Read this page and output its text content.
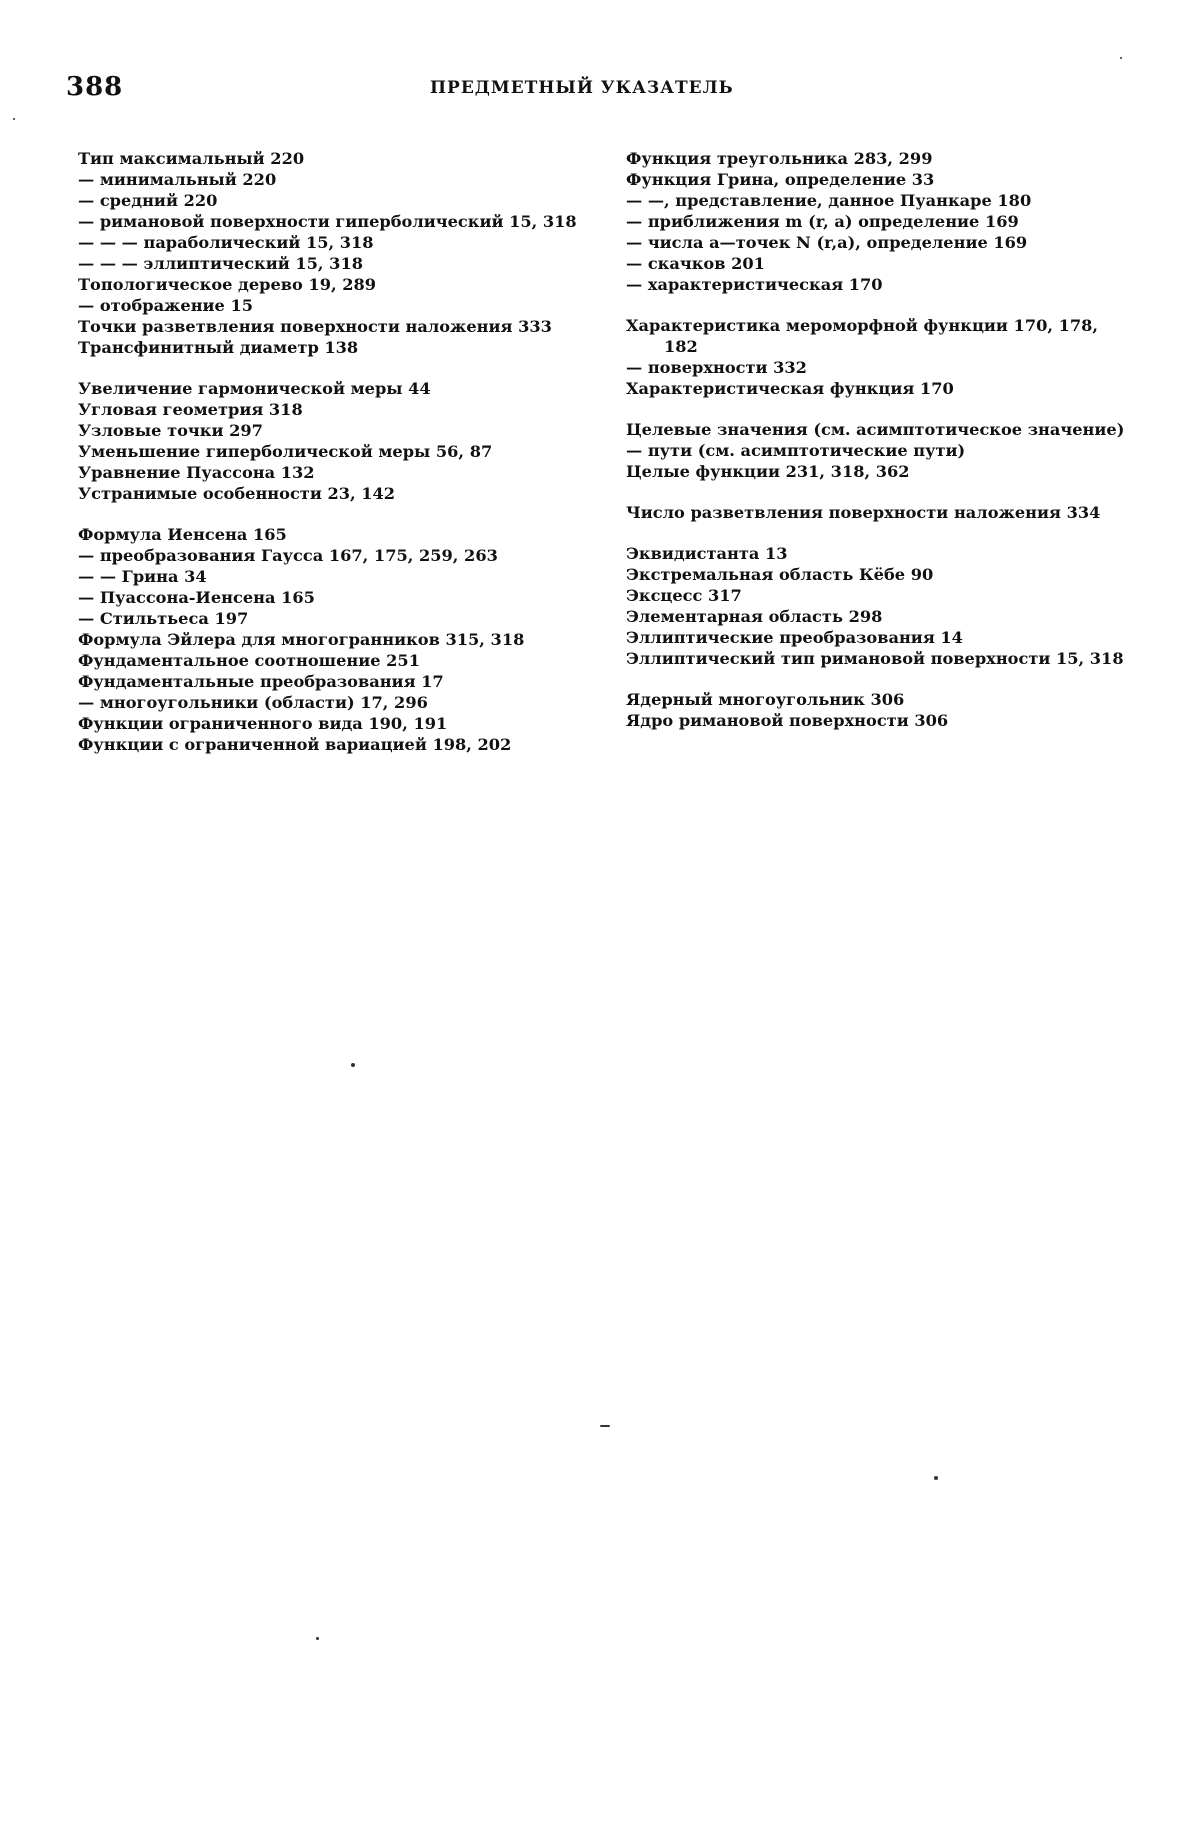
388	ПРЕДМЕТНЫЙ УКАЗАТЕЛЬ
Тип максимальный 220
— минимальный 220
— средний 220
— римановой поверхности гиперболический 15, 318
— — — параболический 15, 318
— — — эллиптический 15, 318
Топологическое дерево 19, 289
— отображение 15
Точки разветвления поверхности наложения 333
Трансфинитный диаметр 138
Увеличение гармонической меры 44
Угловая геометрия 318
Узловые точки 297
Уменьшение гиперболической меры 56, 87
Уравнение Пуассона 132
Устранимые особенности 23, 142
Формула Иенсена 165
— преобразования Гаусса 167, 175, 259, 263
— — Грина 34
— Пуассона-Иенсена 165
— Стильтьеса 197
Формула Эйлера для многогранников 315, 318
Фундаментальное соотношение 251
Фундаментальные преобразования 17
— многоугольники (области) 17, 296
Функции ограниченного вида 190, 191
Функции с ограниченной вариацией 198, 202
Функция треугольника 283, 299
Функция Грина, определение 33
— —, представление, данное Пуанкаре 180
— приближения m (r, a) определение 169
— числа a—точек N (r,a), определение 169
— скачков 201
— характеристическая 170
Характеристика мероморфной функции 170, 178, 182
— поверхности 332
Характеристическая функция 170
Целевые значения (см. асимптотическое значение)
— пути (см. асимптотические пути)
Целые функции 231, 318, 362
Число разветвления поверхности наложения 334
Эквидистанта 13
Экстремальная область Кёбе 90
Эксцесс 317
Элементарная область 298
Эллиптические преобразования 14
Эллиптический тип римановой поверхности 15, 318
Ядерный многоугольник 306
Ядро римановой поверхности 306
